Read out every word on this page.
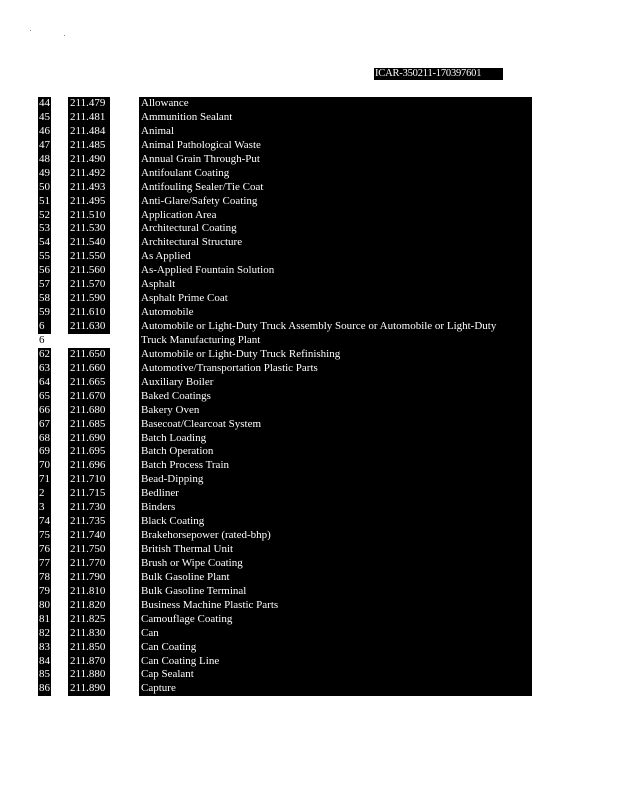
ICAR-350211-170397601
44 211.479	Allowance
45 211.481	Ammunition Sealant
46 211.484	Animal
47 211.485	Animal Pathological Waste
48 211.490	Annual Grain Through-Put
49 211.492	Antifoulant Coating
50 211.493	Antifouling Sealer/Tie Coat
51 211.495	Anti-Glare/Safety Coating
52 211.510	Application Area
53 211.530	Architectural Coating
54 211.540	Architectural Structure
55 211.550	As Applied
56 211.560	As-Applied Fountain Solution
57 211.570	Asphalt
58 211.590	Asphalt Prime Coat
59 211.610	Automobile
6	211.630	Automobile or Light-Duty Truck Assembly Source or Automobile or Light-Duty
6	Truck Manufacturing Plant
62 211.650	Automobile or Light-Duty Truck Refinishing
63 211.660	Automotive/Transportation Plastic Parts
64 211.665	Auxiliary Boiler
65 211.670	Baked Coatings
66 211.680	Bakery Oven
67 211.685	Basecoat/Clearcoat System
68 211.690	Batch Loading
69 211.695	Batch Operation
70 211.696	Batch Process Train
71 211.710	Bead-Dipping
2	211.715	Bedliner
3	211.730	Binders
74 211.735	Black Coating
75 211.740	Brakehorsepower (rated-bhp)
76 211.750	British Thermal Unit
77 211.770	Brush or Wipe Coating
78 211.790	Bulk Gasoline Plant
79 211.810	Bulk Gasoline Terminal
80 211.820	Business Machine Plastic Parts
81 211.825	Camouflage Coating
82 211.830	Can
83 211.850	Can Coating
84 211.870	Can Coating Line
85 211.880	Cap Sealant
86 211.890	Capture
